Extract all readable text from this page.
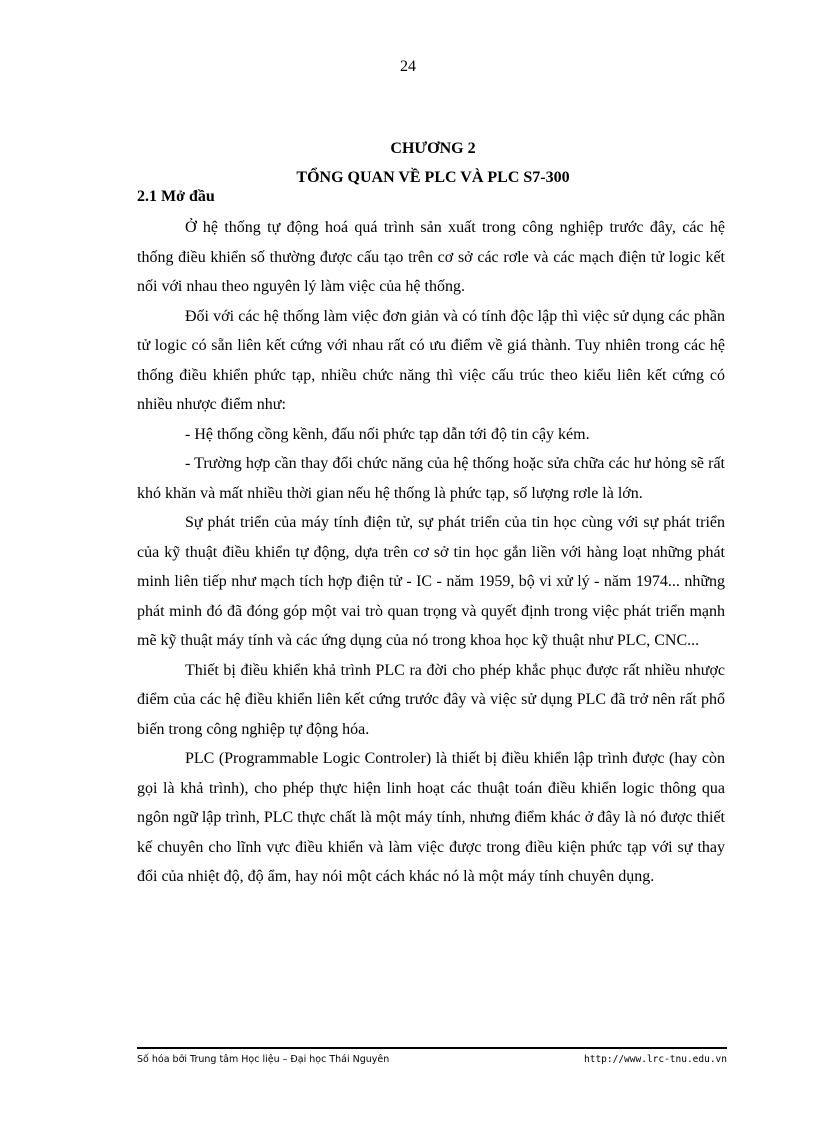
24
CHƯƠNG 2
TỔNG QUAN VỀ PLC VÀ PLC S7-300
2.1 Mở đầu

Ở hệ thống tự động hoá quá trình sản xuất trong công nghiệp trước đây, các hệ thống điều khiển số thường được cấu tạo trên cơ sở các rơle và các mạch điện tử logic kết nối với nhau theo nguyên lý làm việc của hệ thống.

Đối với các hệ thống làm việc đơn giản và có tính độc lập thì việc sử dụng các phần tử logic có sẵn liên kết cứng với nhau rất có ưu điểm về giá thành. Tuy nhiên trong các hệ thống điều khiển phức tạp, nhiều chức năng thì việc cấu trúc theo kiểu liên kết cứng có nhiều nhược điểm như:

- Hệ thống cồng kềnh, đấu nối phức tạp dẫn tới độ tin cậy kém.

- Trường hợp cần thay đổi chức năng của hệ thống hoặc sửa chữa các hư hỏng sẽ rất khó khăn và mất nhiều thời gian nếu hệ thống là phức tạp, số lượng rơle là lớn.

Sự phát triển của máy tính điện tử, sự phát triển của tin học cùng với sự phát triển của kỹ thuật điều khiển tự động, dựa trên cơ sở tin học gắn liền với hàng loạt những phát minh liên tiếp như mạch tích hợp điện tử - IC - năm 1959, bộ vi xử lý - năm 1974... những phát minh đó đã đóng góp một vai trò quan trọng và quyết định trong việc phát triển mạnh mẽ kỹ thuật máy tính và các ứng dụng của nó trong khoa học kỹ thuật như PLC, CNC...

Thiết bị điều khiển khả trình PLC ra đời cho phép khắc phục được rất nhiều nhược điểm của các hệ điều khiển liên kết cứng trước đây và việc sử dụng PLC đã trở nên rất phổ biến trong công nghiệp tự động hóa.

PLC (Programmable Logic Controler) là thiết bị điều khiển lập trình được (hay còn gọi là khả trình), cho phép thực hiện linh hoạt các thuật toán điều khiển logic thông qua ngôn ngữ lập trình, PLC thực chất là một máy tính, nhưng điểm khác ở đây là nó được thiết kế chuyên cho lĩnh vực điều khiển và làm việc được trong điều kiện phức tạp với sự thay đổi của nhiệt độ, độ ẩm, hay nói một cách khác nó là một máy tính chuyên dụng.

Số hóa bởi Trung tâm Học liệu – Đại học Thái Nguyên	http://www.lrc-tnu.edu.vn
